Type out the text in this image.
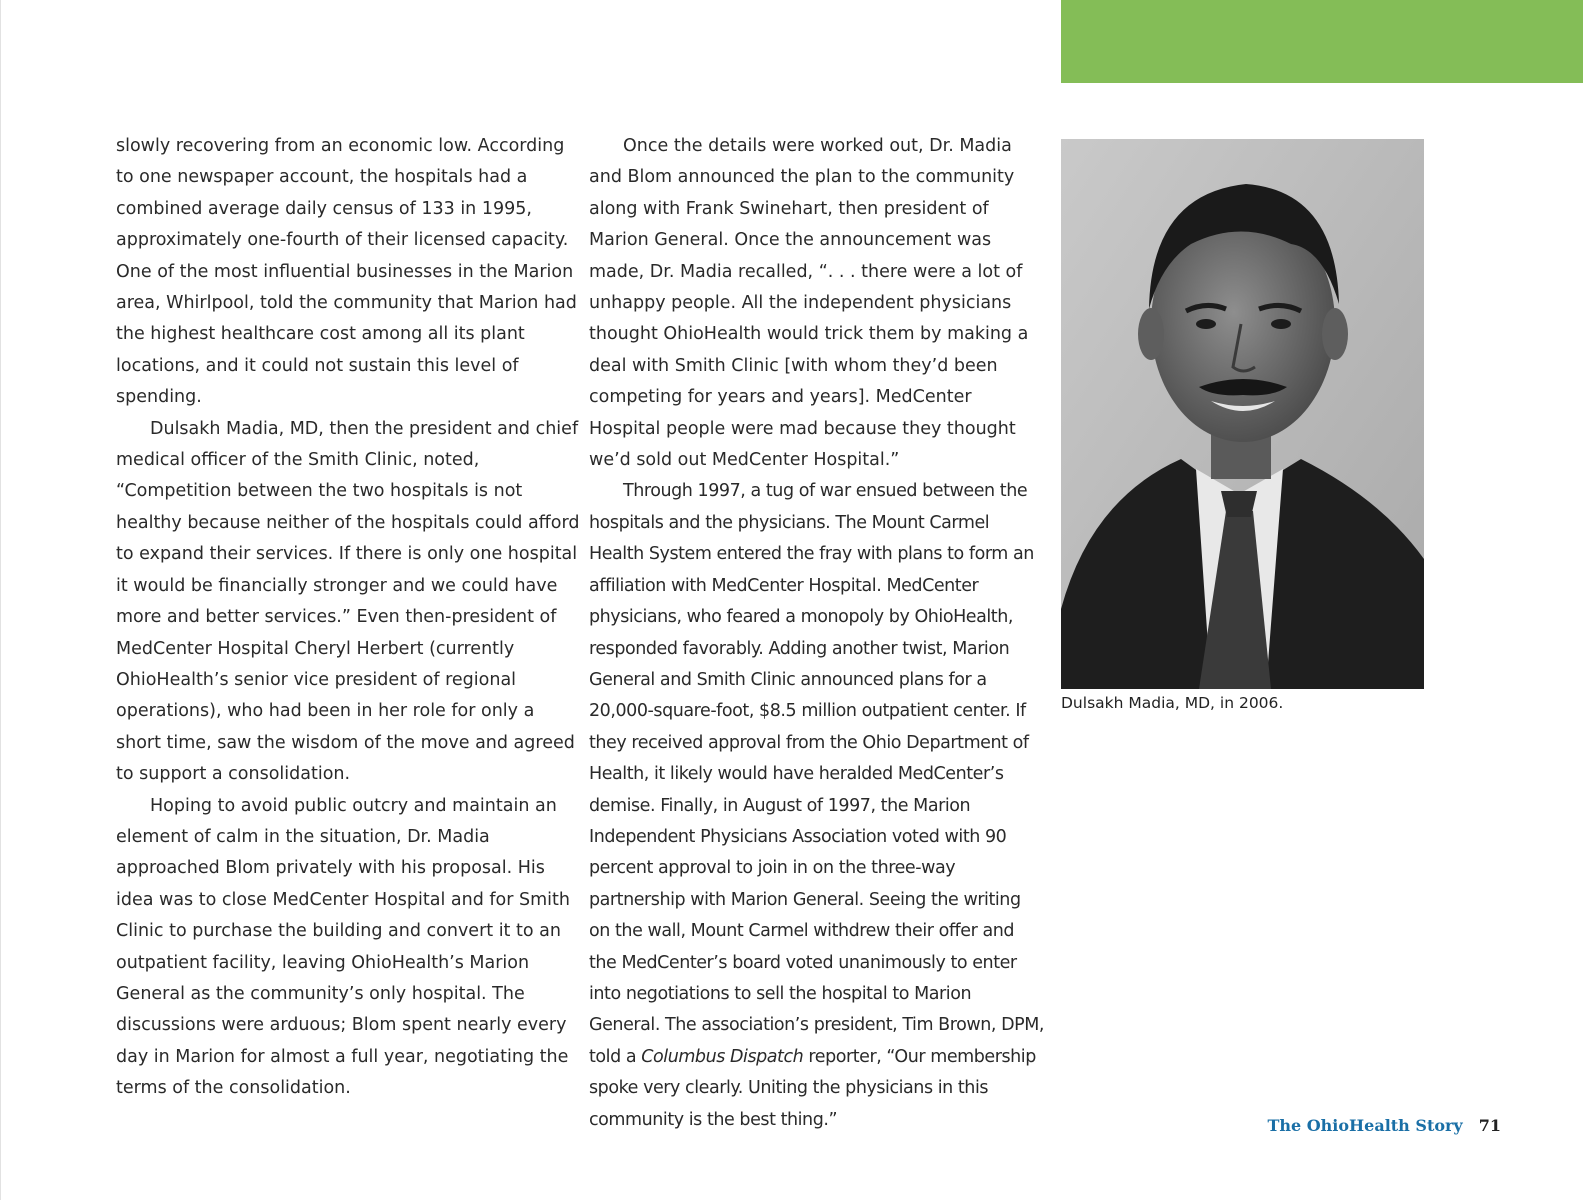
slowly recovering from an economic low. According to one newspaper account, the hospitals had a combined average daily census of 133 in 1995, approximately one-fourth of their licensed capacity. One of the most influential businesses in the Marion area, Whirlpool, told the community that Marion had the highest healthcare cost among all its plant locations, and it could not sustain this level of spending.

Dulsakh Madia, MD, then the president and chief medical officer of the Smith Clinic, noted, “Competition between the two hospitals is not healthy because neither of the hospitals could afford to expand their services. If there is only one hospital it would be financially stronger and we could have more and better services.” Even then-president of MedCenter Hospital Cheryl Herbert (currently OhioHealth’s senior vice president of regional operations), who had been in her role for only a short time, saw the wisdom of the move and agreed to support a consolidation.

Hoping to avoid public outcry and maintain an element of calm in the situation, Dr. Madia approached Blom privately with his proposal. His idea was to close MedCenter Hospital and for Smith Clinic to purchase the building and convert it to an outpatient facility, leaving OhioHealth’s Marion General as the community’s only hospital. The discussions were arduous; Blom spent nearly every day in Marion for almost a full year, negotiating the terms of the consolidation.

Once the details were worked out, Dr. Madia and Blom announced the plan to the community along with Frank Swinehart, then president of Marion General. Once the announcement was made, Dr. Madia recalled, “. . . there were a lot of unhappy people. All the independent physicians thought OhioHealth would trick them by making a deal with Smith Clinic [with whom they’d been competing for years and years]. MedCenter Hospital people were mad because they thought we’d sold out MedCenter Hospital.”

Through 1997, a tug of war ensued between the hospitals and the physicians. The Mount Carmel Health System entered the fray with plans to form an affiliation with MedCenter Hospital. MedCenter physicians, who feared a monopoly by OhioHealth, responded favorably. Adding another twist, Marion General and Smith Clinic announced plans for a 20,000-square-foot, $8.5 million outpatient center. If they received approval from the Ohio Department of Health, it likely would have heralded MedCenter’s demise. Finally, in August of 1997, the Marion Independent Physicians Association voted with 90 percent approval to join in on the three-way partnership with Marion General. Seeing the writing on the wall, Mount Carmel withdrew their offer and the MedCenter’s board voted unanimously to enter into negotiations to sell the hospital to Marion General. The association’s president, Tim Brown, DPM, told a Columbus Dispatch reporter, “Our membership spoke very clearly. Uniting the physicians in this community is the best thing.”

Dulsakh Madia, MD, in 2006.
The OhioHealth Story 71
